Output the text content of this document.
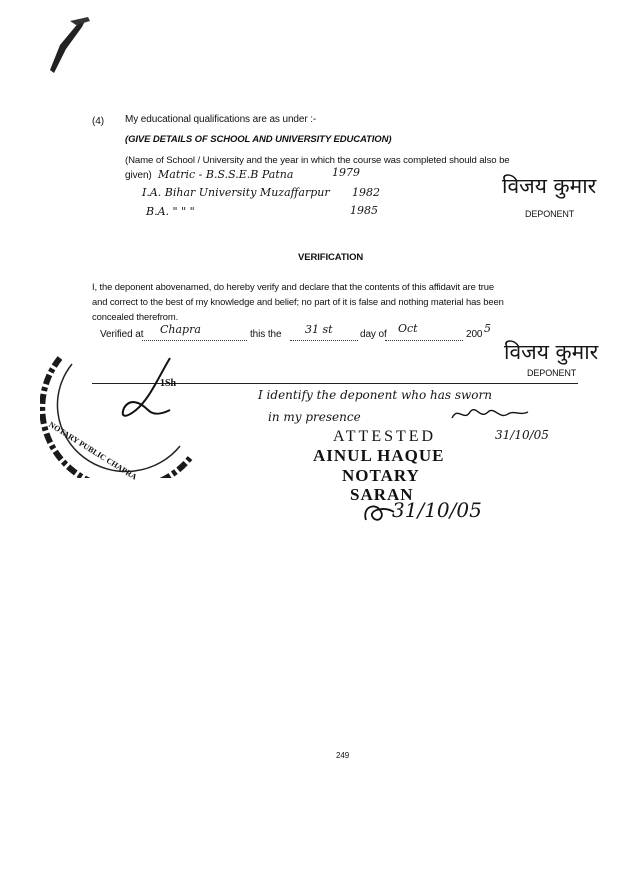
(4) My educational qualifications are as under :-
(GIVE DETAILS OF SCHOOL AND UNIVERSITY EDUCATION)
(Name of School / University and the year in which the course was completed should also be
given) Matric - B.S.S.E.B Patna	1979
I.A. Bihar University Muzaffarpur 1982
B.A. " " "	1985
विजय कुमार
DEPONENT
VERIFICATION
I, the deponent abovenamed, do hereby verify and declare that the contents of this affidavit are true
and correct to the best of my knowledge and belief; no part of it is false and nothing material has been
concealed therefrom.
Verified at Chapra	this the 31 st	day of Oct	200 5
विजय कुमार
DEPONENT
1Sh
NOTARY PUBLIC CHAPRA
I identify the deponent who has sworn
in my presence
31/10/05
ATTESTED
AINUL HAQUE
NOTARY
SARAN
31/10/05
249
